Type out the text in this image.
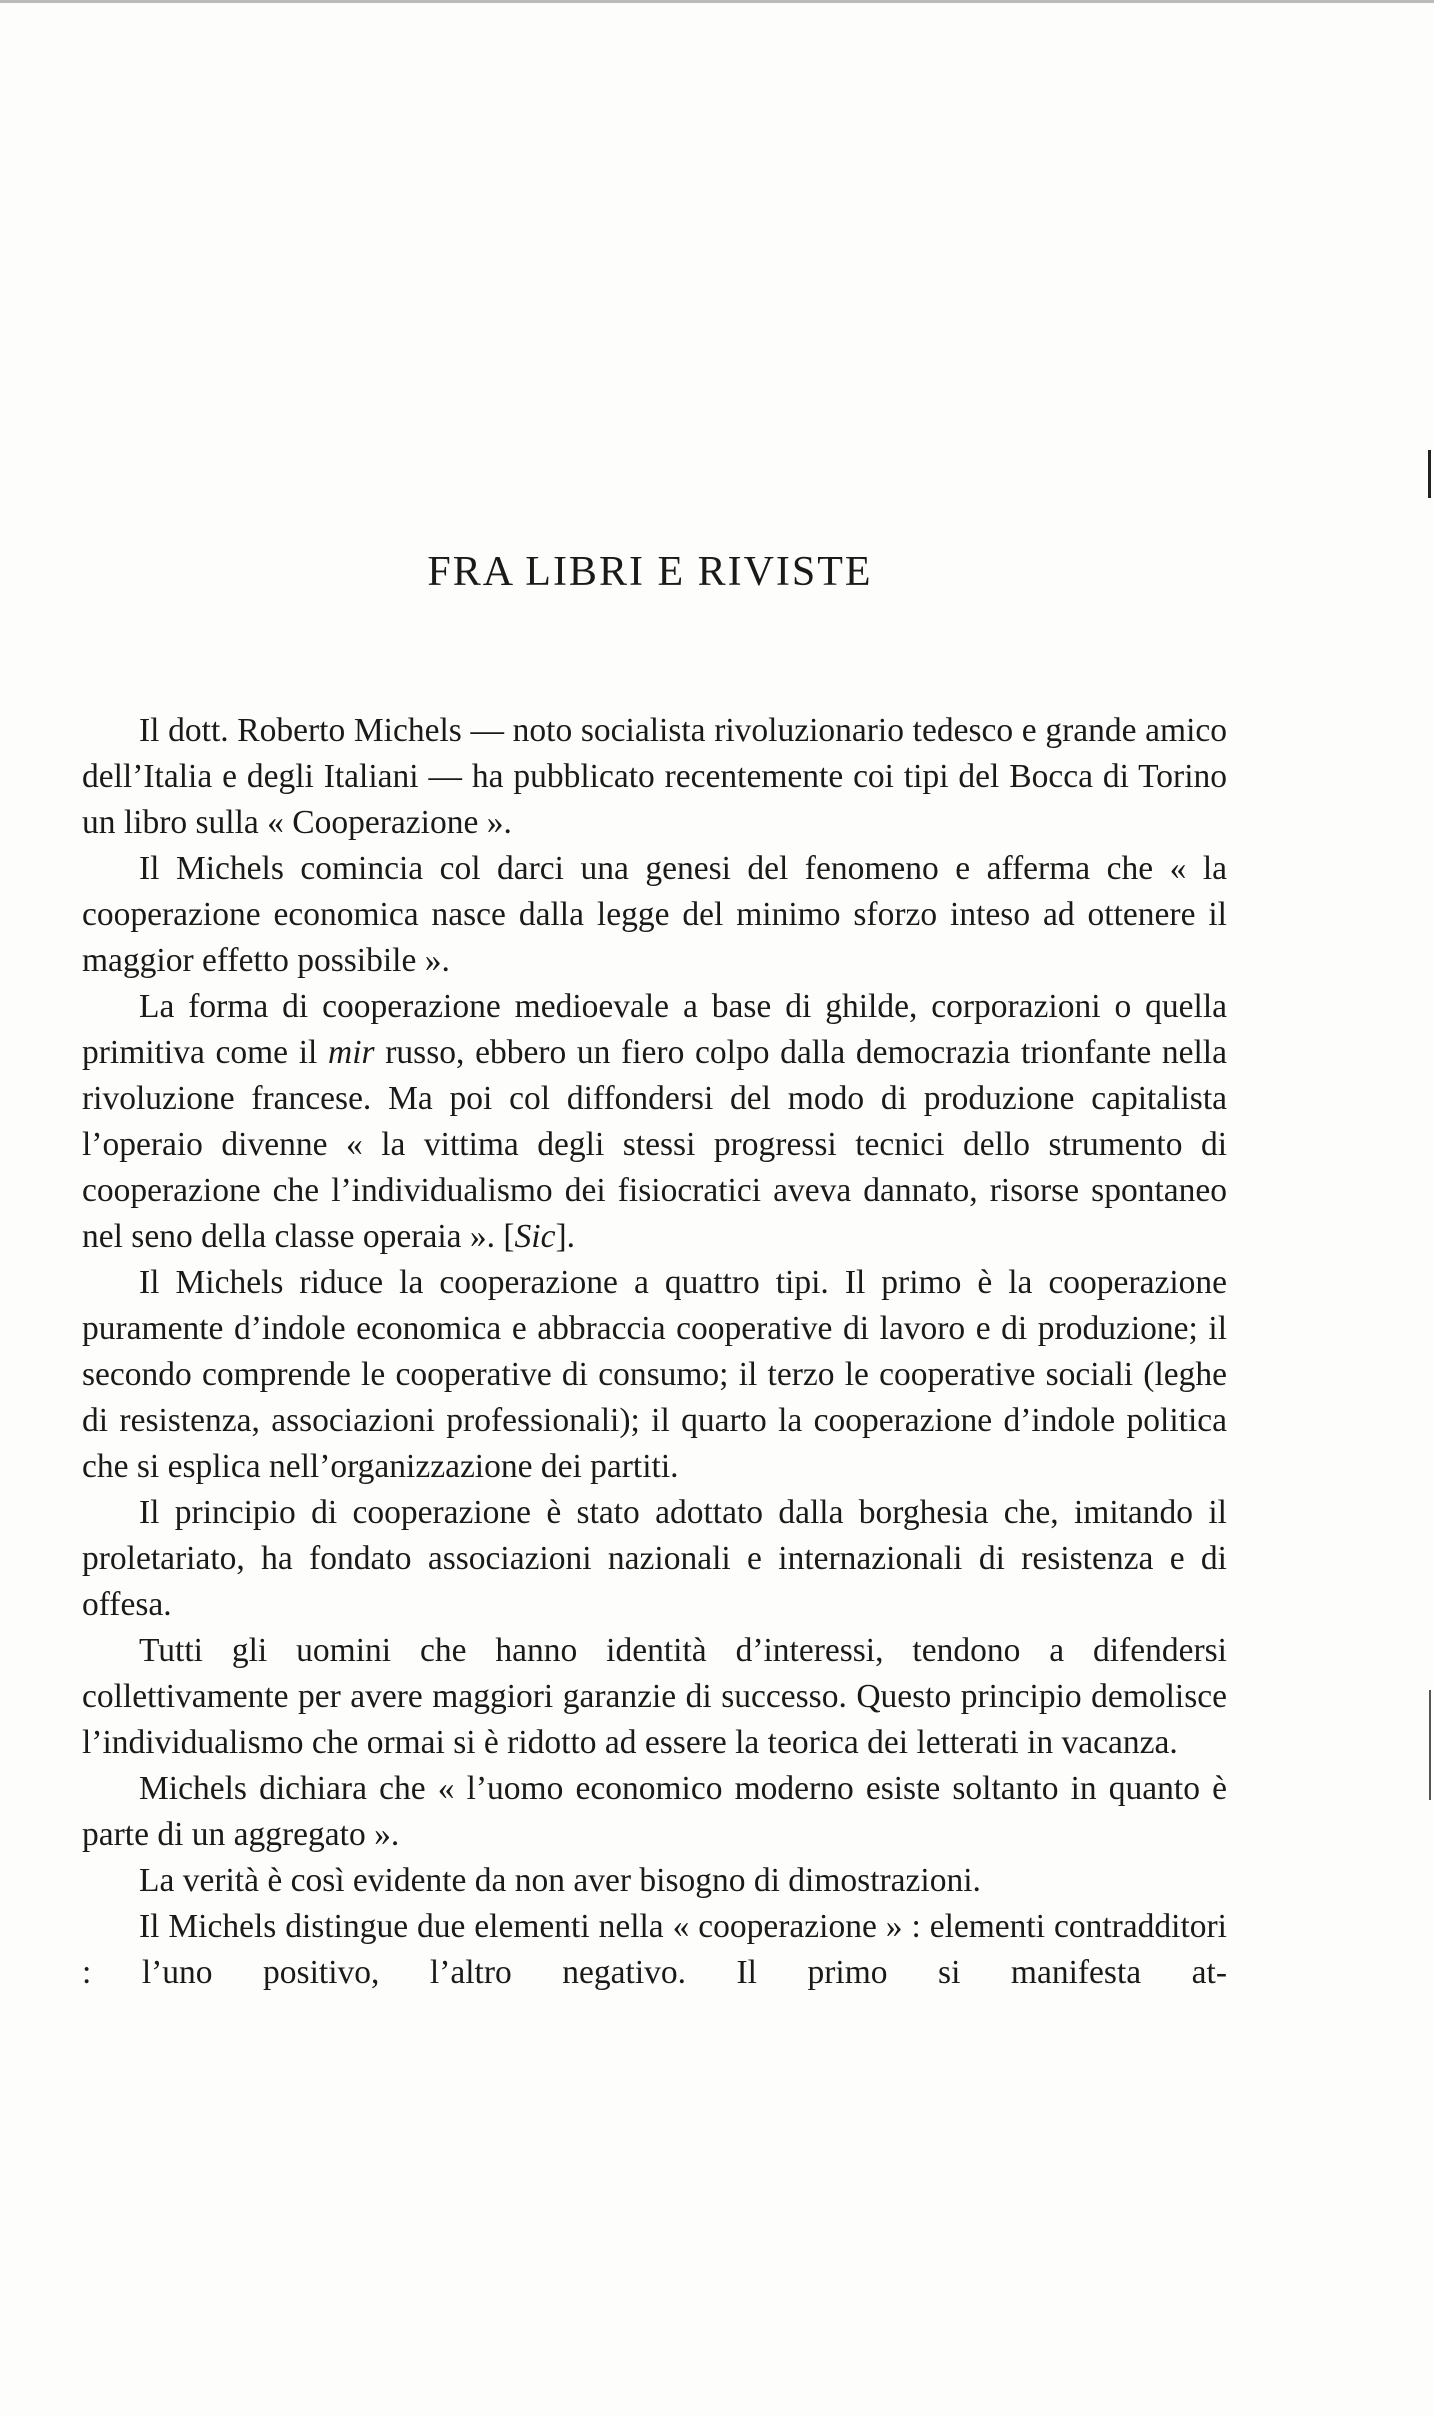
FRA LIBRI E RIVISTE

Il dott. Roberto Michels — noto socialista rivoluzionario tedesco e grande amico dell’Italia e degli Italiani — ha pubblicato recentemente coi tipi del Bocca di Torino un libro sulla « Cooperazione ».

Il Michels comincia col darci una genesi del fenomeno e afferma che « la cooperazione economica nasce dalla legge del minimo sforzo inteso ad ottenere il maggior effetto possibile ».

La forma di cooperazione medioevale a base di ghilde, corporazioni o quella primitiva come il mir russo, ebbero un fiero colpo dalla democrazia trionfante nella rivoluzione francese. Ma poi col diffondersi del modo di produzione capitalista l’operaio divenne « la vittima degli stessi progressi tecnici dello strumento di cooperazione che l’individualismo dei fisiocratici aveva dannato, risorse spontaneo nel seno della classe operaia ». [Sic].

Il Michels riduce la cooperazione a quattro tipi. Il primo è la cooperazione puramente d’indole economica e abbraccia cooperative di lavoro e di produzione; il secondo comprende le cooperative di consumo; il terzo le cooperative sociali (leghe di resistenza, associazioni professionali); il quarto la cooperazione d’indole politica che si esplica nell’organizzazione dei partiti.

Il principio di cooperazione è stato adottato dalla borghesia che, imitando il proletariato, ha fondato associazioni nazionali e internazionali di resistenza e di offesa.

Tutti gli uomini che hanno identità d’interessi, tendono a difendersi collettivamente per avere maggiori garanzie di successo. Questo principio demolisce l’individualismo che ormai si è ridotto ad essere la teorica dei letterati in vacanza.

Michels dichiara che « l’uomo economico moderno esiste soltanto in quanto è parte di un aggregato ».

La verità è così evidente da non aver bisogno di dimostrazioni.

Il Michels distingue due elementi nella « cooperazione » : elementi contradditori : l’uno positivo, l’altro negativo. Il primo si manifesta at-
